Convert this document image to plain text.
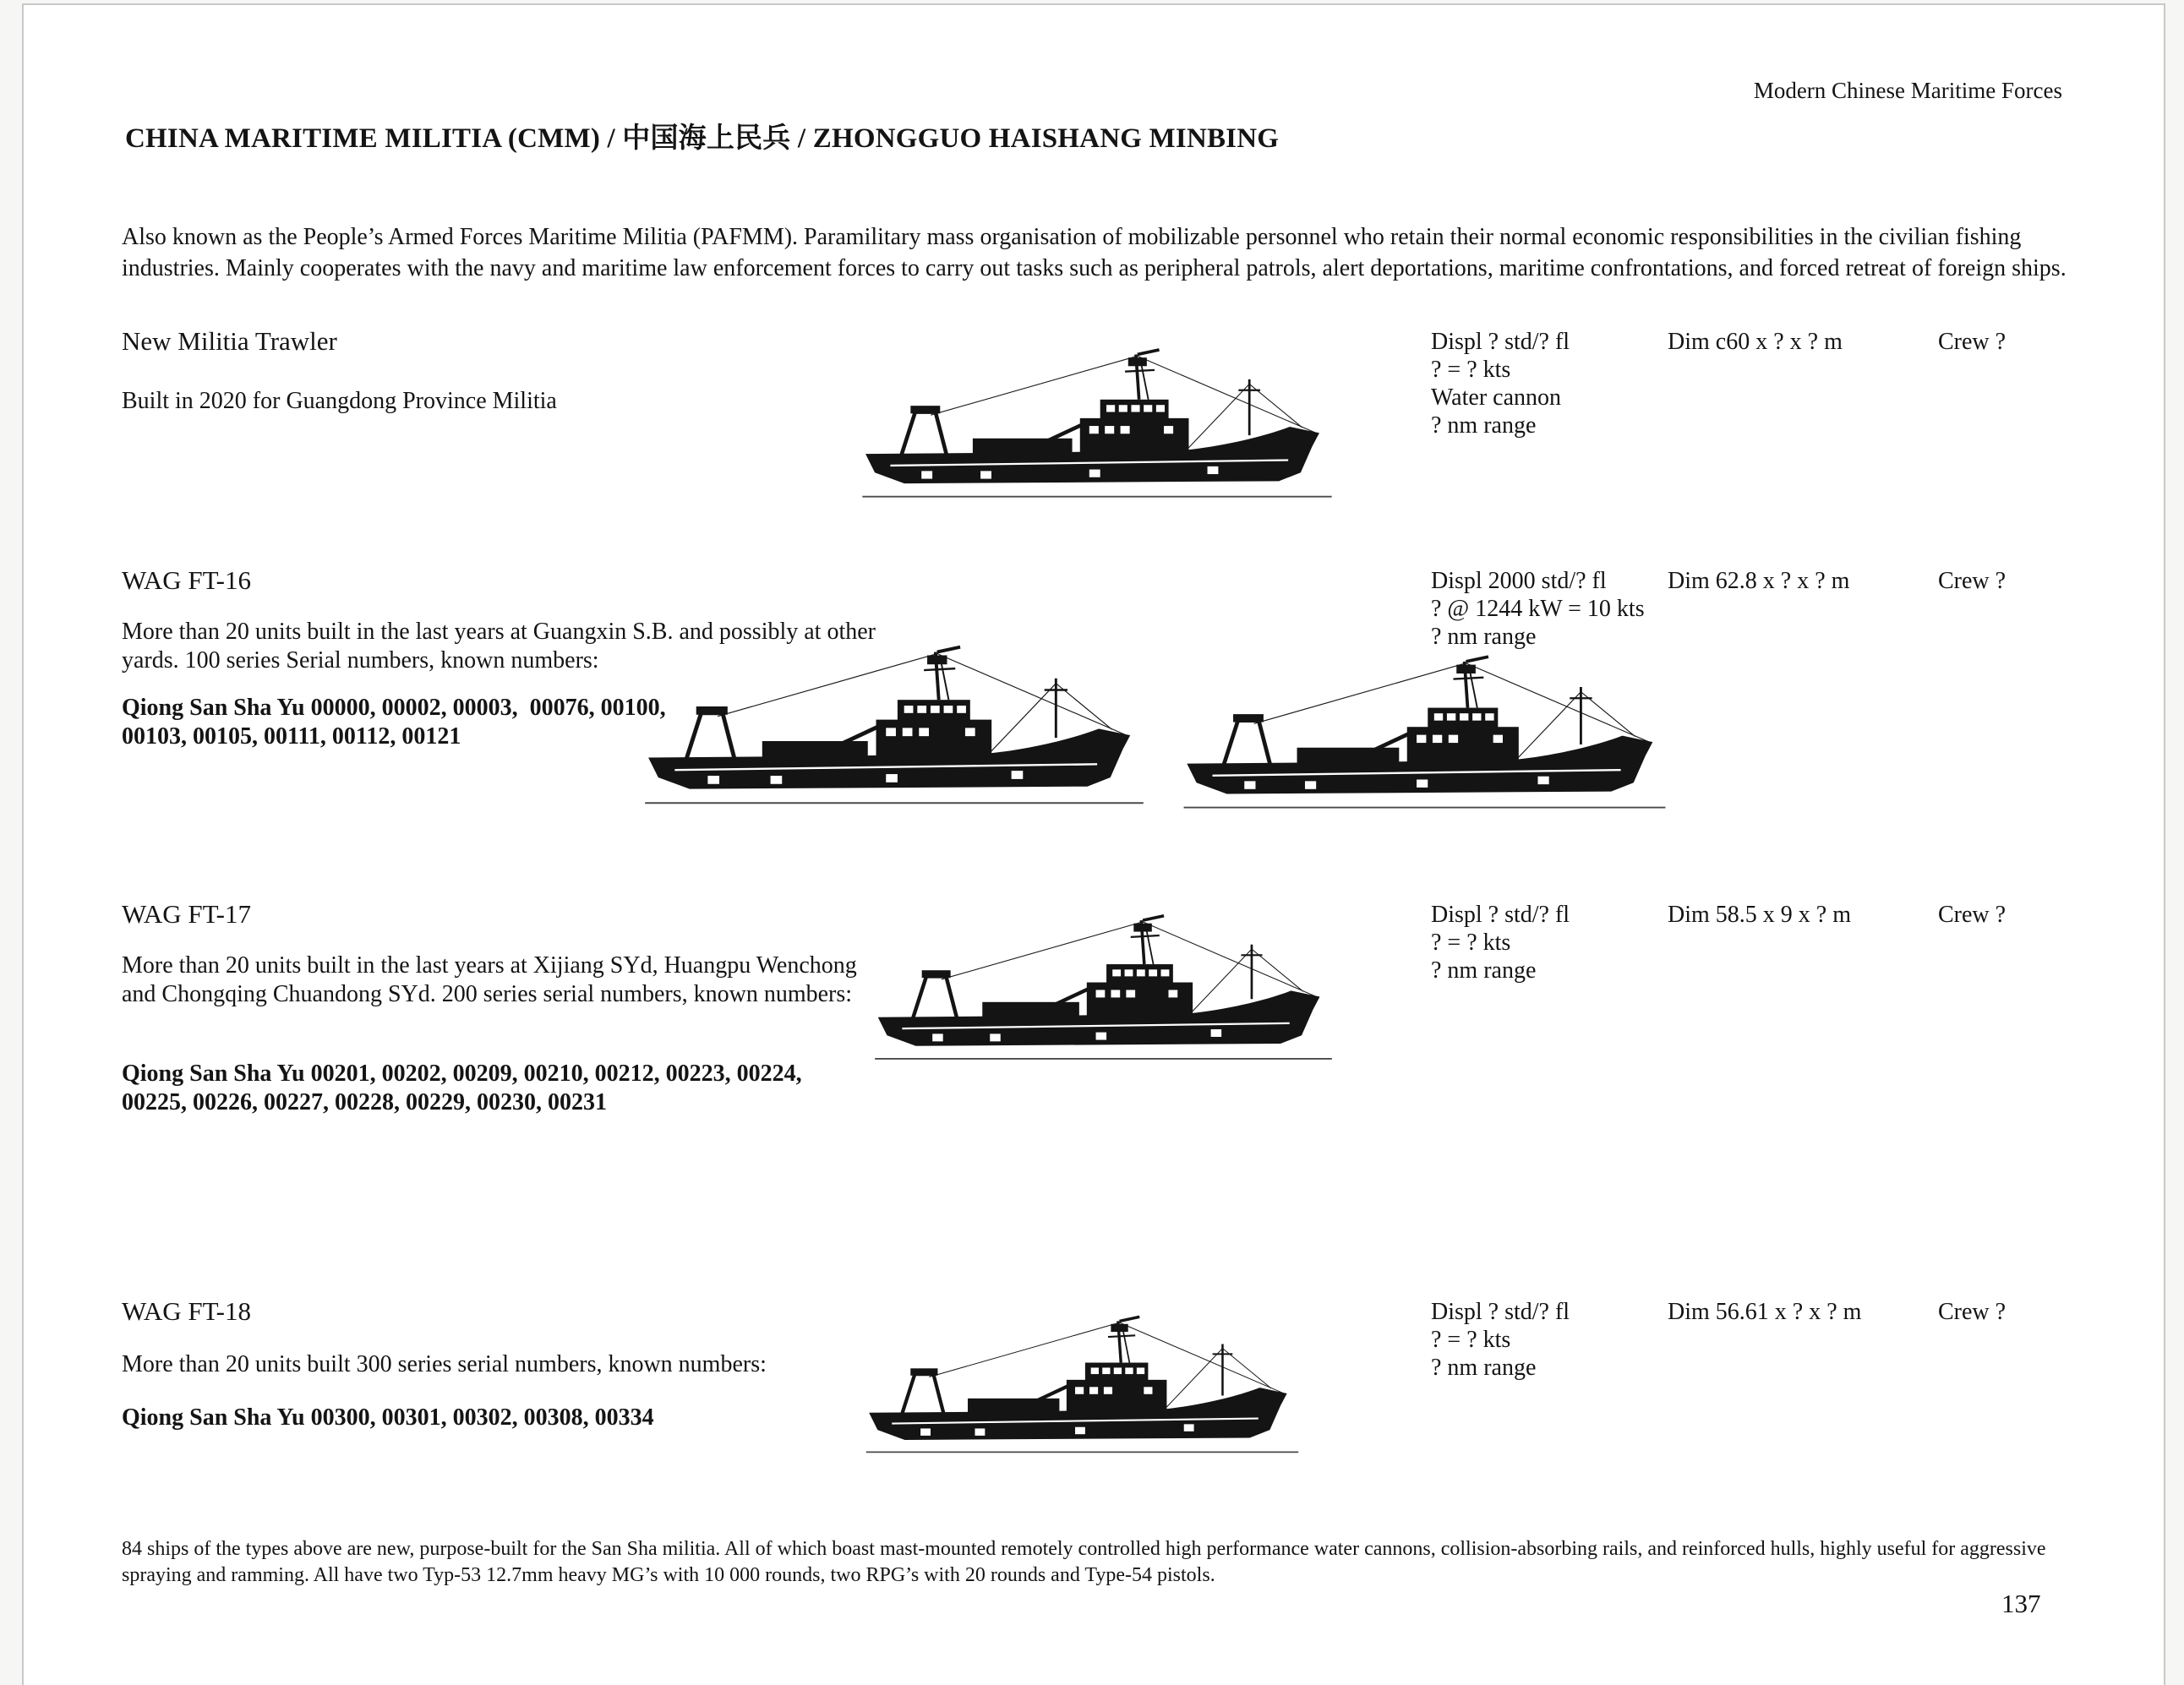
Modern Chinese Maritime Forces
CHINA MARITIME MILITIA (CMM) / 中国海上民兵 / ZHONGGUO HAISHANG MINBING

Also known as the People’s Armed Forces Maritime Militia (PAFMM). Paramilitary mass organisation of mobilizable personnel who retain their normal economic responsibilities in the civilian fishing industries. Mainly cooperates with the navy and maritime law enforcement forces to carry out tasks such as peripheral patrols, alert deportations, maritime confrontations, and forced retreat of foreign ships.

New Militia Trawler

Built in 2020 for Guangdong Province Militia

Displ ? std/? fl
? = ? kts
Water cannon
? nm range
Dim c60 x ? x ? m	Crew ?
WAG FT-16

More than 20 units built in the last years at Guangxin S.B. and possibly at other yards. 100 series Serial numbers, known numbers:

Qiong San Sha Yu 00000, 00002, 00003,  00076, 00100, 00103, 00105, 00111, 00112, 00121

Displ 2000 std/? fl
? @ 1244 kW = 10 kts
? nm range
Dim 62.8 x ? x ? m	Crew ?
WAG FT-17

More than 20 units built in the last years at Xijiang SYd, Huangpu Wenchong and Chongqing Chuandong SYd. 200 series serial numbers, known numbers:

Qiong San Sha Yu 00201, 00202, 00209, 00210, 00212, 00223, 00224, 00225, 00226, 00227, 00228, 00229, 00230, 00231

Displ ? std/? fl
? = ? kts
? nm range
Dim 58.5 x 9 x ? m	Crew ?
WAG FT-18

More than 20 units built 300 series serial numbers, known numbers:

Qiong San Sha Yu 00300, 00301, 00302, 00308, 00334

Displ ? std/? fl
? = ? kts
? nm range
Dim 56.61 x ? x ? m	Crew ?

84 ships of the types above are new, purpose-built for the San Sha militia. All of which boast mast-mounted remotely controlled high performance water cannons, collision-absorbing rails, and reinforced hulls, highly useful for aggressive spraying and ramming. All have two Typ-53 12.7mm heavy MG’s with 10 000 rounds, two RPG’s with 20 rounds and Type-54 pistols.

137
